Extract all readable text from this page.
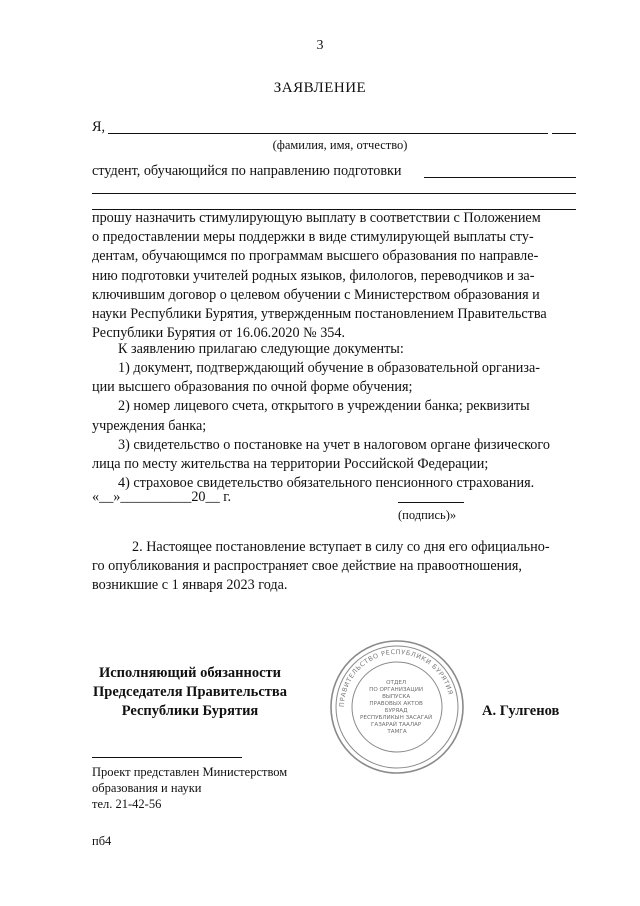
3
ЗАЯВЛЕНИЕ
Я,
(фамилия, имя, отчество)
студент, обучающийся по направлению подготовки
прошу назначить стимулирующую выплату в соответствии с Положением
о предоставлении меры поддержки в виде стимулирующей выплаты сту-
дентам, обучающимся по программам высшего образования по направле-
нию подготовки учителей родных языков, филологов, переводчиков и за-
ключившим договор о целевом обучении с Министерством образования и
науки Республики Бурятия, утвержденным постановлением Правительства
Республики Бурятия от 16.06.2020 № 354.
К заявлению прилагаю следующие документы:
1) документ, подтверждающий обучение в образовательной организа-
ции высшего образования по очной форме обучения;
2) номер лицевого счета, открытого в учреждении банка; реквизиты
учреждения банка;
3) свидетельство о постановке на учет в налоговом органе физического
лица по месту жительства на территории Российской Федерации;
4) страховое свидетельство обязательного пенсионного страхования.
«__»__________20__ г.
(подпись)»
2. Настоящее постановление вступает в силу со дня его официально-
го опубликования и распространяет свое действие на правоотношения,
возникшие с 1 января 2023 года.
Исполняющий обязанности
Председателя Правительства
Республики Бурятия	А. Гулгенов
ПРАВИТЕЛЬСТВО РЕСПУБЛИКИ БУРЯТИЯ
ОТДЕЛ ПО ОРГАНИЗАЦИИ ВЫПУСКА ПРАВОВЫХ АКТОВ БУРЯАД РЕСПУБЛИКЫН ЗАСАГАЙ ГАЗАРАЙ ТААЛАР ТАМГА
Проект представлен Министерством
образования и науки
тел. 21-42-56
пб4
